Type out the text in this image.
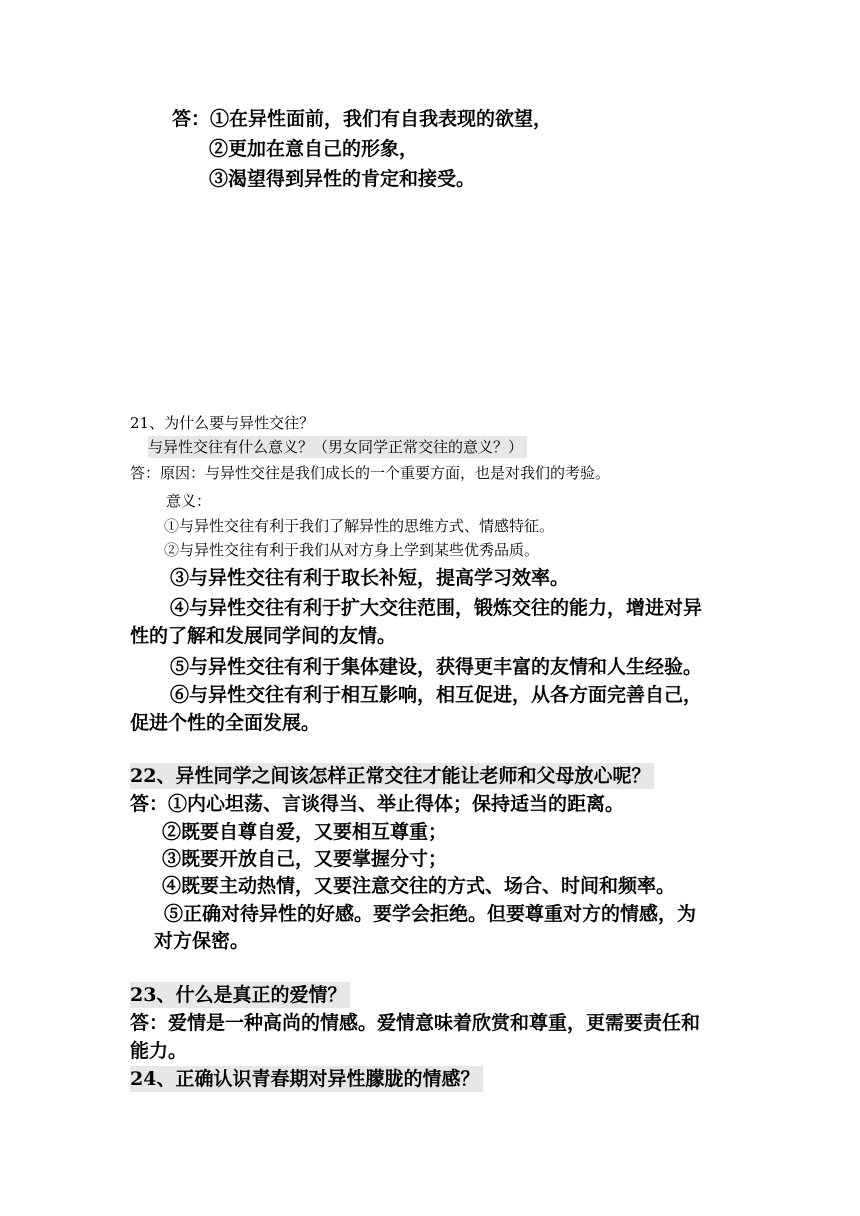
答：①在异性面前，我们有自我表现的欲望，
②更加在意自己的形象，
③渴望得到异性的肯定和接受。
21、为什么要与异性交往？
与异性交往有什么意义？（男女同学正常交往的意义？）
答：原因：与异性交往是我们成长的一个重要方面，也是对我们的考验。
意义：
①与异性交往有利于我们了解异性的思维方式、情感特征。
②与异性交往有利于我们从对方身上学到某些优秀品质。
③与异性交往有利于取长补短，提高学习效率。
④与异性交往有利于扩大交往范围，锻炼交往的能力，增进对异
性的了解和发展同学间的友情。
⑤与异性交往有利于集体建设，获得更丰富的友情和人生经验。
⑥与异性交往有利于相互影响，相互促进，从各方面完善自己，
促进个性的全面发展。
22、异性同学之间该怎样正常交往才能让老师和父母放心呢？
答：①内心坦荡、言谈得当、举止得体；保持适当的距离。
②既要自尊自爱，又要相互尊重；
③既要开放自己，又要掌握分寸；
④既要主动热情，又要注意交往的方式、场合、时间和频率。
⑤正确对待异性的好感。要学会拒绝。但要尊重对方的情感，为
对方保密。
23、什么是真正的爱情？
答：爱情是一种高尚的情感。爱情意味着欣赏和尊重，更需要责任和
能力。
24、正确认识青春期对异性朦胧的情感？
